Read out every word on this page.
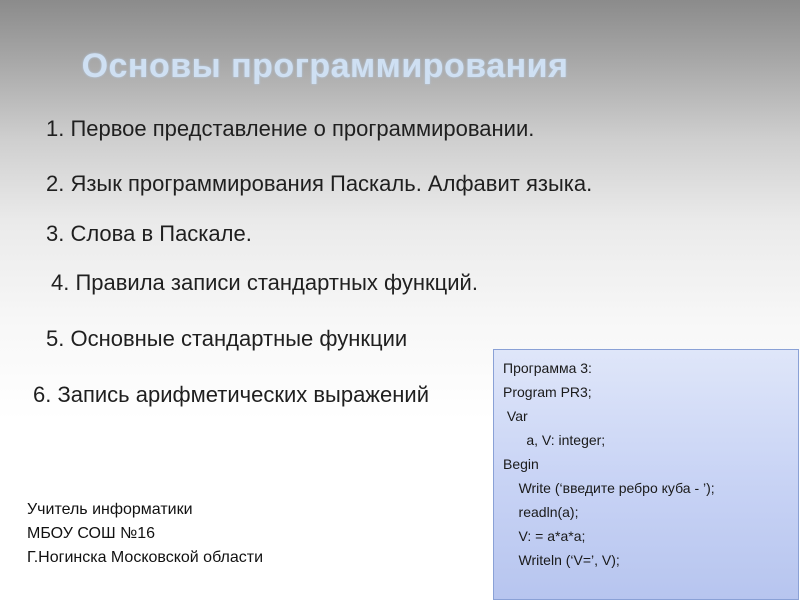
Основы программирования
1. Первое представление о программировании.
2. Язык программирования Паскаль. Алфавит языка.
3. Слова в Паскале.
4. Правила записи стандартных функций.
5. Основные стандартные функции
6. Запись арифметических выражений
Учитель информатики
МБОУ СОШ №16
Г.Ногинска Московской области
Программа 3:
Program PR3;
Var
a, V: integer;
Begin
Write (‘введите ребро куба - ’);
readln(a);
V: = a*a*a;
Writeln (‘V=’, V);
